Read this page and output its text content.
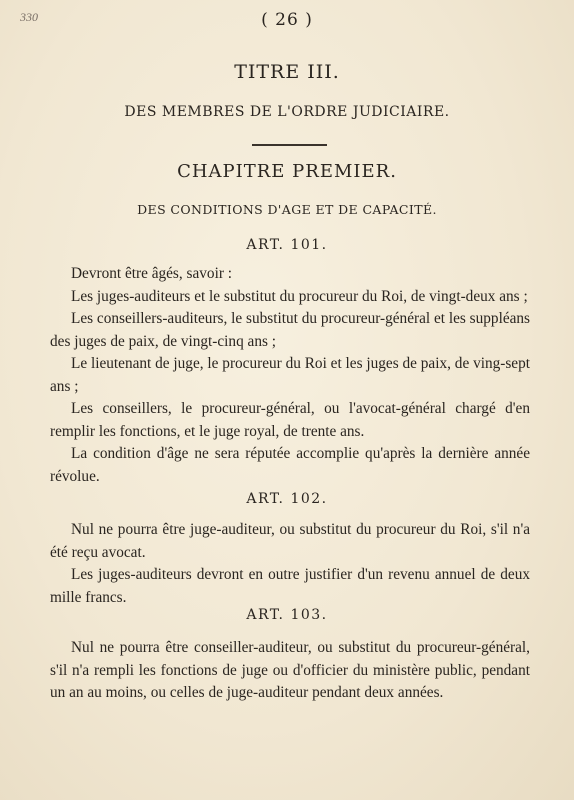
330	( 26 )
TITRE III.
DES MEMBRES DE L'ORDRE JUDICIAIRE.
CHAPITRE PREMIER.
DES CONDITIONS D'AGE ET DE CAPACITÉ.
ART. 101.

Devront être âgés, savoir :

Les juges-auditeurs et le substitut du procureur du Roi, de vingt-deux ans ;

Les conseillers-auditeurs, le substitut du procureur-général et les suppléans des juges de paix, de vingt-cinq ans ;

Le lieutenant de juge, le procureur du Roi et les juges de paix, de ving-sept ans ;

Les conseillers, le procureur-général, ou l'avocat-général chargé d'en remplir les fonctions, et le juge royal, de trente ans.

La condition d'âge ne sera réputée accomplie qu'après la dernière année révolue.

ART. 102.

Nul ne pourra être juge-auditeur, ou substitut du procureur du Roi, s'il n'a été reçu avocat.

Les juges-auditeurs devront en outre justifier d'un revenu annuel de deux mille francs.

ART. 103.

Nul ne pourra être conseiller-auditeur, ou substitut du procureur-général, s'il n'a rempli les fonctions de juge ou d'officier du ministère public, pendant un an au moins, ou celles de juge-auditeur pendant deux années.
